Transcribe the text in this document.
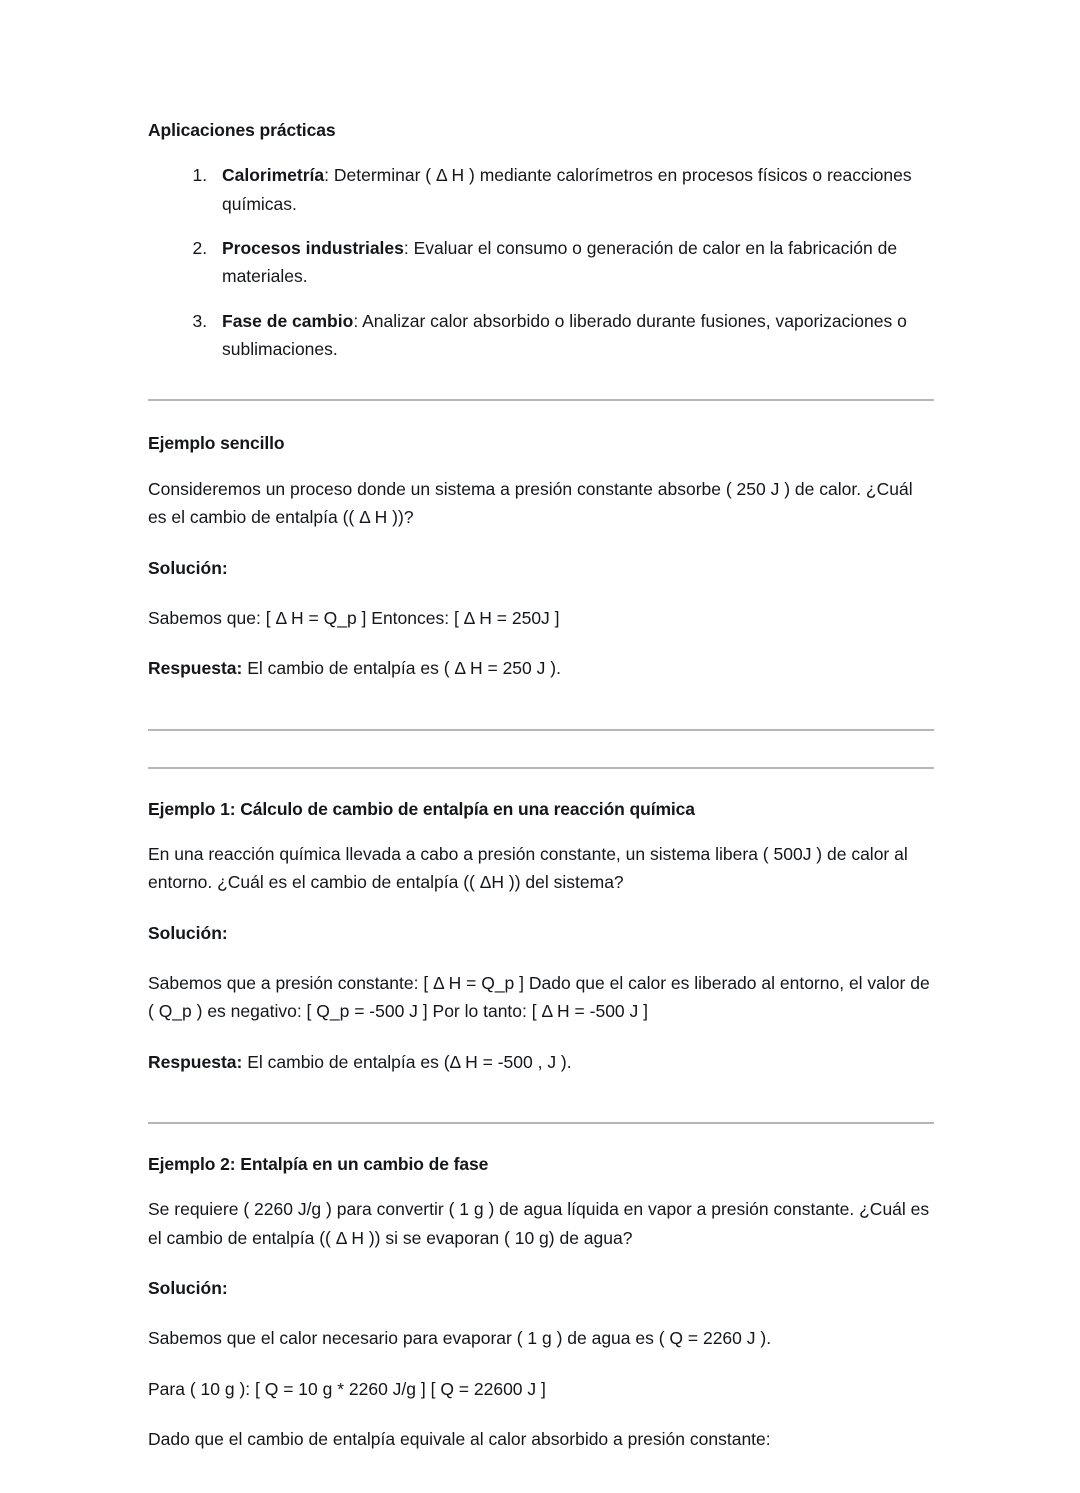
Aplicaciones prácticas
1. Calorimetría: Determinar ( Δ H ) mediante calorímetros en procesos físicos o reacciones químicas.
2. Procesos industriales: Evaluar el consumo o generación de calor en la fabricación de materiales.
3. Fase de cambio: Analizar calor absorbido o liberado durante fusiones, vaporizaciones o sublimaciones.
Ejemplo sencillo

Consideremos un proceso donde un sistema a presión constante absorbe ( 250 J ) de calor. ¿Cuál es el cambio de entalpía (( Δ H ))?

Solución:

Sabemos que: [ Δ H = Q_p ] Entonces: [ Δ H = 250J ]

Respuesta: El cambio de entalpía es ( Δ H = 250 J ).

Ejemplo 1: Cálculo de cambio de entalpía en una reacción química

En una reacción química llevada a cabo a presión constante, un sistema libera ( 500J ) de calor al entorno. ¿Cuál es el cambio de entalpía (( ΔH )) del sistema?

Solución:

Sabemos que a presión constante: [ Δ H = Q_p ] Dado que el calor es liberado al entorno, el valor de ( Q_p ) es negativo: [ Q_p = -500 J ] Por lo tanto: [ Δ H = -500 J ]

Respuesta: El cambio de entalpía es (Δ H = -500 , J ).

Ejemplo 2: Entalpía en un cambio de fase

Se requiere ( 2260 J/g ) para convertir ( 1 g ) de agua líquida en vapor a presión constante. ¿Cuál es el cambio de entalpía (( Δ H )) si se evaporan ( 10 g) de agua?

Solución:

Sabemos que el calor necesario para evaporar ( 1 g ) de agua es ( Q = 2260 J ).

Para ( 10 g ): [ Q = 10 g * 2260 J/g ] [ Q = 22600 J ]

Dado que el cambio de entalpía equivale al calor absorbido a presión constante:
